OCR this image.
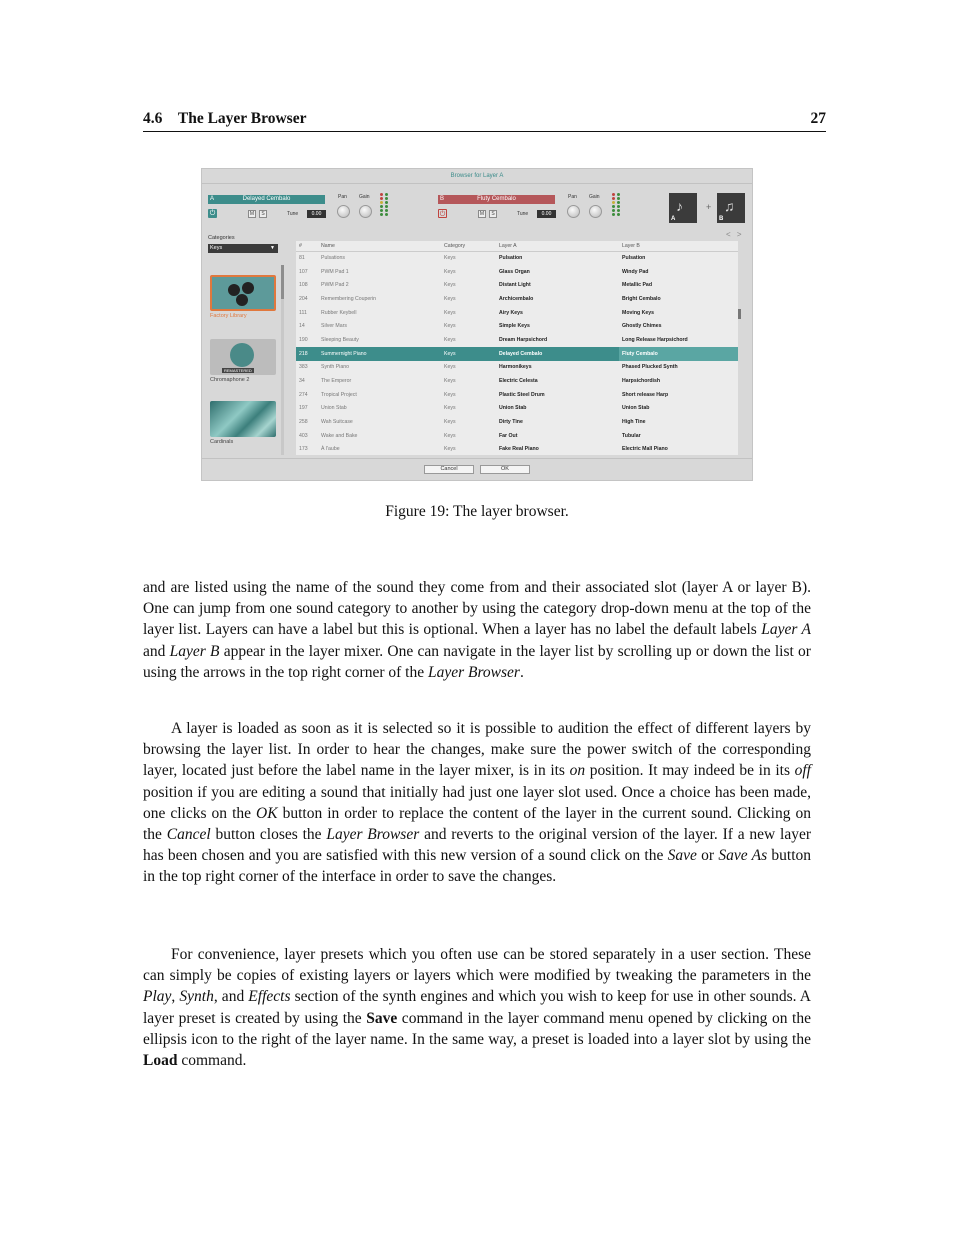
4.6 The Layer Browser	27
Browser for Layer A
A	Delayed Cembalo
⏻	M	S	Tune	0.00
Pan Gain	B	Fluty Cembalo
⏻	M	S	Tune	0.00
Pan Gain
♪
A
+ ♫
B
< >
Categories
Keys	▼
Factory Library
REMASTERED
Chromaphone 2
Cardinals
#	Name	Category	Layer A	Layer B
81	Pulsations	Keys	Pulsation	Pulsation
107	PWM Pad 1	Keys	Glass Organ	Windy Pad
108	PWM Pad 2	Keys	Distant Light	Metallic Pad
204	Remembering Couperin	Keys	Archicembalo	Bright Cembalo
111	Rubber Keybell	Keys	Airy Keys	Moving Keys
14	Silver Mars	Keys	Simple Keys	Ghostly Chimes
190	Sleeping Beauty	Keys	Dream Harpsichord	Long Release Harpsichord
218	Summernight Piano	Keys	Delayed Cembalo	Fluty Cembalo
383	Synth Piano	Keys	Harmonikeys	Phased Plucked Synth
34	The Emperor	Keys	Electric Celesta	Harpsichordish
274	Tropical Project	Keys	Plastic Steel Drum	Short release Harp
197	Union Stab	Keys	Union Stab	Union Stab
258	Wah Suitcase	Keys	Dirty Tine	High Tine
403	Wake and Bake	Keys	Far Out	Tubular
173	À l'aube	Keys	Fake Real Piano	Electric Mall Piano
Cancel	OK
Figure 19: The layer browser.

and are listed using the name of the sound they come from and their associated slot (layer A or layer B). One can jump from one sound category to another by using the category drop-down menu at the top of the layer list. Layers can have a label but this is optional. When a layer has no label the default labels Layer A and Layer B appear in the layer mixer. One can navigate in the layer list by scrolling up or down the list or using the arrows in the top right corner of the Layer Browser.

A layer is loaded as soon as it is selected so it is possible to audition the effect of different layers by browsing the layer list. In order to hear the changes, make sure the power switch of the corresponding layer, located just before the label name in the layer mixer, is in its on position. It may indeed be in its off position if you are editing a sound that initially had just one layer slot used. Once a choice has been made, one clicks on the OK button in order to replace the content of the layer in the current sound. Clicking on the Cancel button closes the Layer Browser and reverts to the original version of the layer. If a new layer has been chosen and you are satisfied with this new version of a sound click on the Save or Save As button in the top right corner of the interface in order to save the changes.

For convenience, layer presets which you often use can be stored separately in a user section. These can simply be copies of existing layers or layers which were modified by tweaking the parameters in the Play, Synth, and Effects section of the synth engines and which you wish to keep for use in other sounds. A layer preset is created by using the Save command in the layer command menu opened by clicking on the ellipsis icon to the right of the layer name. In the same way, a preset is loaded into a layer slot by using the Load command.
